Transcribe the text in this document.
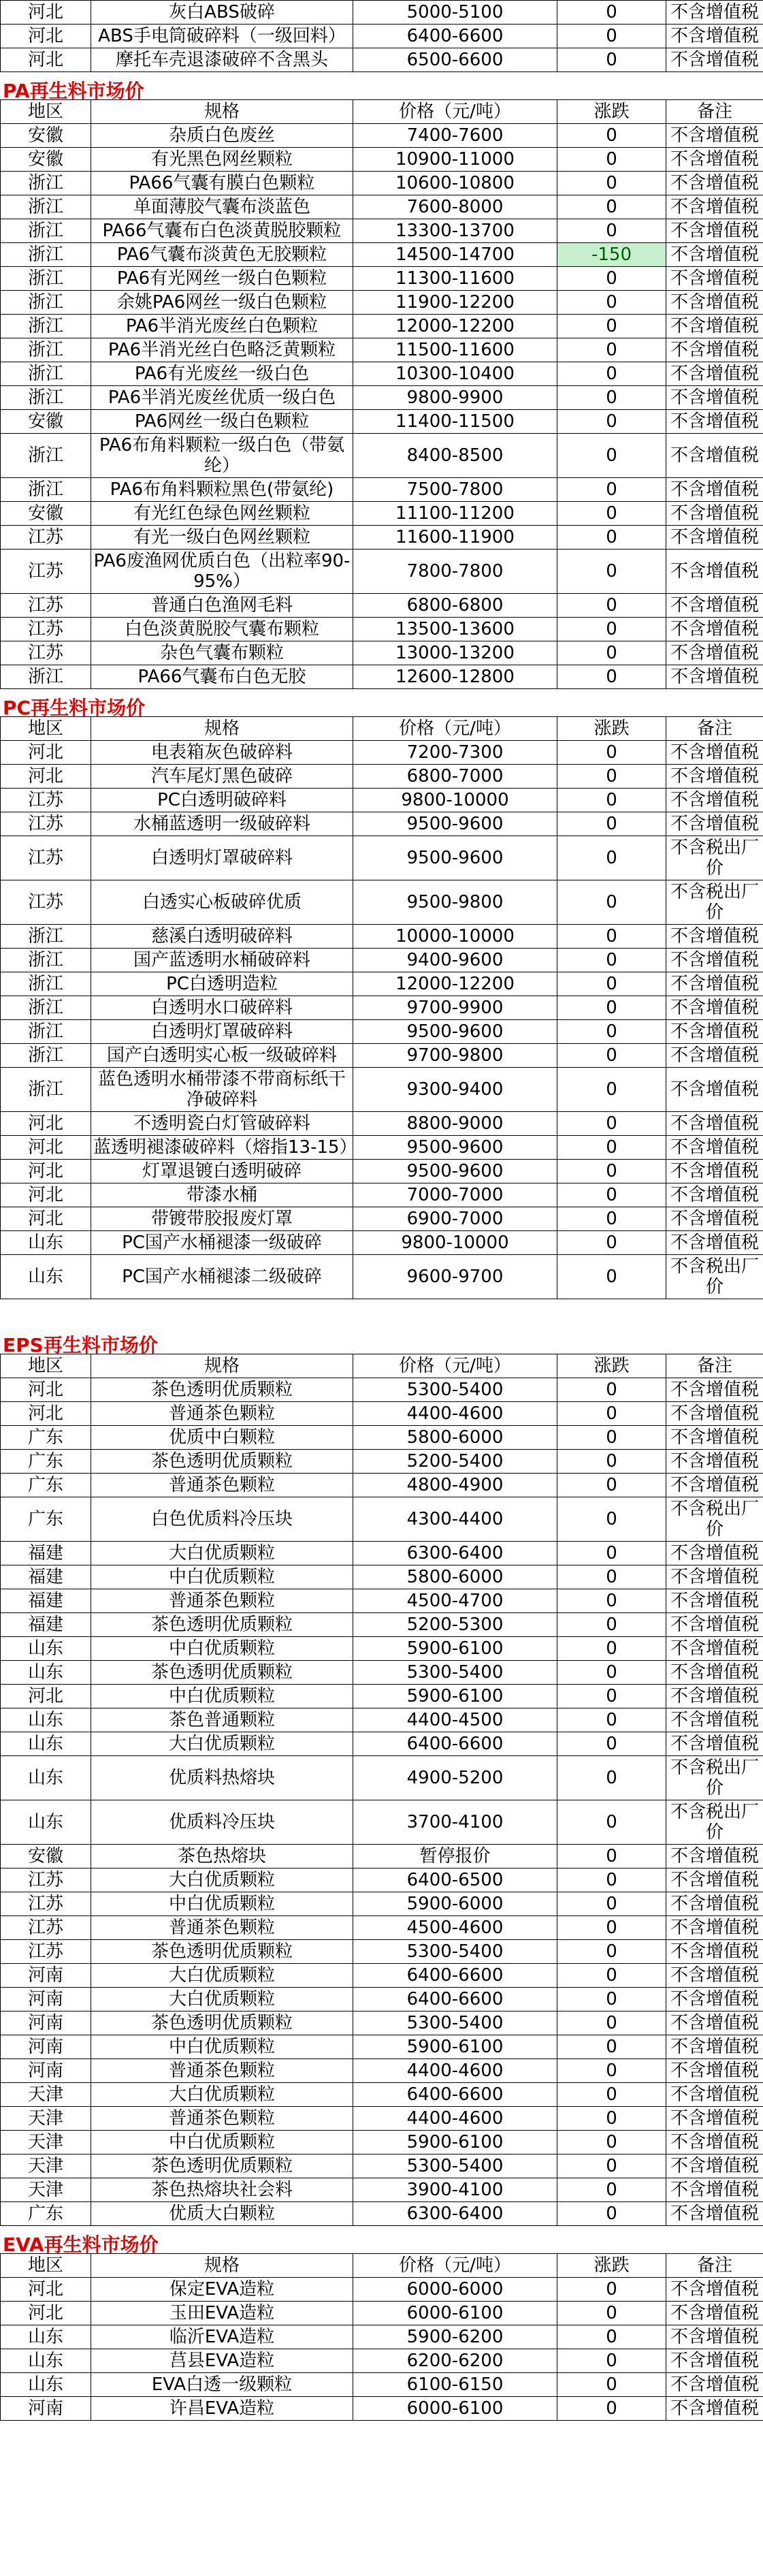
河北	灰白ABS破碎	5000-5100	0	不含增值税
河北	ABS手电筒破碎料（一级回料）	6400-6600	0	不含增值税
河北	摩托车壳退漆破碎不含黑头	6500-6600	0	不含增值税
PA再生料市场价
地区	规格	价格（元/吨）	涨跌	备注
安徽	杂质白色废丝	7400-7600	0	不含增值税
安徽	有光黑色网丝颗粒	10900-11000	0	不含增值税
浙江	PA66气囊有膜白色颗粒	10600-10800	0	不含增值税
浙江	单面薄胶气囊布淡蓝色	7600-8000	0	不含增值税
浙江	PA66气囊布白色淡黄脱胶颗粒	13300-13700	0	不含增值税
浙江	PA6气囊布淡黄色无胶颗粒	14500-14700	-150	不含增值税
浙江	PA6有光网丝一级白色颗粒	11300-11600	0	不含增值税
浙江	余姚PA6网丝一级白色颗粒	11900-12200	0	不含增值税
浙江	PA6半消光废丝白色颗粒	12000-12200	0	不含增值税
浙江	PA6半消光丝白色略泛黄颗粒	11500-11600	0	不含增值税
浙江	PA6有光废丝一级白色	10300-10400	0	不含增值税
浙江	PA6半消光废丝优质一级白色	9800-9900	0	不含增值税
安徽	PA6网丝一级白色颗粒	11400-11500	0	不含增值税
浙江	PA6布角料颗粒一级白色（带氨纶）	8400-8500	0	不含增值税
浙江	PA6布角料颗粒黑色(带氨纶)	7500-7800	0	不含增值税
安徽	有光红色绿色网丝颗粒	11100-11200	0	不含增值税
江苏	有光一级白色网丝颗粒	11600-11900	0	不含增值税
江苏	PA6废渔网优质白色（出粒率90-95%）	7800-7800	0	不含增值税
江苏	普通白色渔网毛料	6800-6800	0	不含增值税
江苏	白色淡黄脱胶气囊布颗粒	13500-13600	0	不含增值税
江苏	杂色气囊布颗粒	13000-13200	0	不含增值税
浙江	PA66气囊布白色无胶	12600-12800	0	不含增值税
PC再生料市场价
地区	规格	价格（元/吨）	涨跌	备注
河北	电表箱灰色破碎料	7200-7300	0	不含增值税
河北	汽车尾灯黑色破碎	6800-7000	0	不含增值税
江苏	PC白透明破碎料	9800-10000	0	不含增值税
江苏	水桶蓝透明一级破碎料	9500-9600	0	不含增值税
江苏	白透明灯罩破碎料	9500-9600	0	不含税出厂价
江苏	白透实心板破碎优质	9500-9800	0	不含税出厂价
浙江	慈溪白透明破碎料	10000-10000	0	不含增值税
浙江	国产蓝透明水桶破碎料	9400-9600	0	不含增值税
浙江	PC白透明造粒	12000-12200	0	不含增值税
浙江	白透明水口破碎料	9700-9900	0	不含增值税
浙江	白透明灯罩破碎料	9500-9600	0	不含增值税
浙江	国产白透明实心板一级破碎料	9700-9800	0	不含增值税
浙江	蓝色透明水桶带漆不带商标纸干净破碎料	9300-9400	0	不含增值税
河北	不透明瓷白灯管破碎料	8800-9000	0	不含增值税
河北	蓝透明褪漆破碎料（熔指13-15）	9500-9600	0	不含增值税
河北	灯罩退镀白透明破碎	9500-9600	0	不含增值税
河北	带漆水桶	7000-7000	0	不含增值税
河北	带镀带胶报废灯罩	6900-7000	0	不含增值税
山东	PC国产水桶褪漆一级破碎	9800-10000	0	不含增值税
山东	PC国产水桶褪漆二级破碎	9600-9700	0	不含税出厂价
EPS再生料市场价
地区	规格	价格（元/吨）	涨跌	备注
河北	茶色透明优质颗粒	5300-5400	0	不含增值税
河北	普通茶色颗粒	4400-4600	0	不含增值税
广东	优质中白颗粒	5800-6000	0	不含增值税
广东	茶色透明优质颗粒	5200-5400	0	不含增值税
广东	普通茶色颗粒	4800-4900	0	不含增值税
广东	白色优质料冷压块	4300-4400	0	不含税出厂价
福建	大白优质颗粒	6300-6400	0	不含增值税
福建	中白优质颗粒	5800-6000	0	不含增值税
福建	普通茶色颗粒	4500-4700	0	不含增值税
福建	茶色透明优质颗粒	5200-5300	0	不含增值税
山东	中白优质颗粒	5900-6100	0	不含增值税
山东	茶色透明优质颗粒	5300-5400	0	不含增值税
河北	中白优质颗粒	5900-6100	0	不含增值税
山东	茶色普通颗粒	4400-4500	0	不含增值税
山东	大白优质颗粒	6400-6600	0	不含增值税
山东	优质料热熔块	4900-5200	0	不含税出厂价
山东	优质料冷压块	3700-4100	0	不含税出厂价
安徽	茶色热熔块	暂停报价	0	不含增值税
江苏	大白优质颗粒	6400-6500	0	不含增值税
江苏	中白优质颗粒	5900-6000	0	不含增值税
江苏	普通茶色颗粒	4500-4600	0	不含增值税
江苏	茶色透明优质颗粒	5300-5400	0	不含增值税
河南	大白优质颗粒	6400-6600	0	不含增值税
河南	大白优质颗粒	6400-6600	0	不含增值税
河南	茶色透明优质颗粒	5300-5400	0	不含增值税
河南	中白优质颗粒	5900-6100	0	不含增值税
河南	普通茶色颗粒	4400-4600	0	不含增值税
天津	大白优质颗粒	6400-6600	0	不含增值税
天津	普通茶色颗粒	4400-4600	0	不含增值税
天津	中白优质颗粒	5900-6100	0	不含增值税
天津	茶色透明优质颗粒	5300-5400	0	不含增值税
天津	茶色热熔块社会料	3900-4100	0	不含增值税
广东	优质大白颗粒	6300-6400	0	不含增值税
EVA再生料市场价
地区	规格	价格（元/吨）	涨跌	备注
河北	保定EVA造粒	6000-6000	0	不含增值税
河北	玉田EVA造粒	6000-6100	0	不含增值税
山东	临沂EVA造粒	5900-6200	0	不含增值税
山东	莒县EVA造粒	6200-6200	0	不含增值税
山东	EVA白透一级颗粒	6100-6150	0	不含增值税
河南	许昌EVA造粒	6000-6100	0	不含增值税
